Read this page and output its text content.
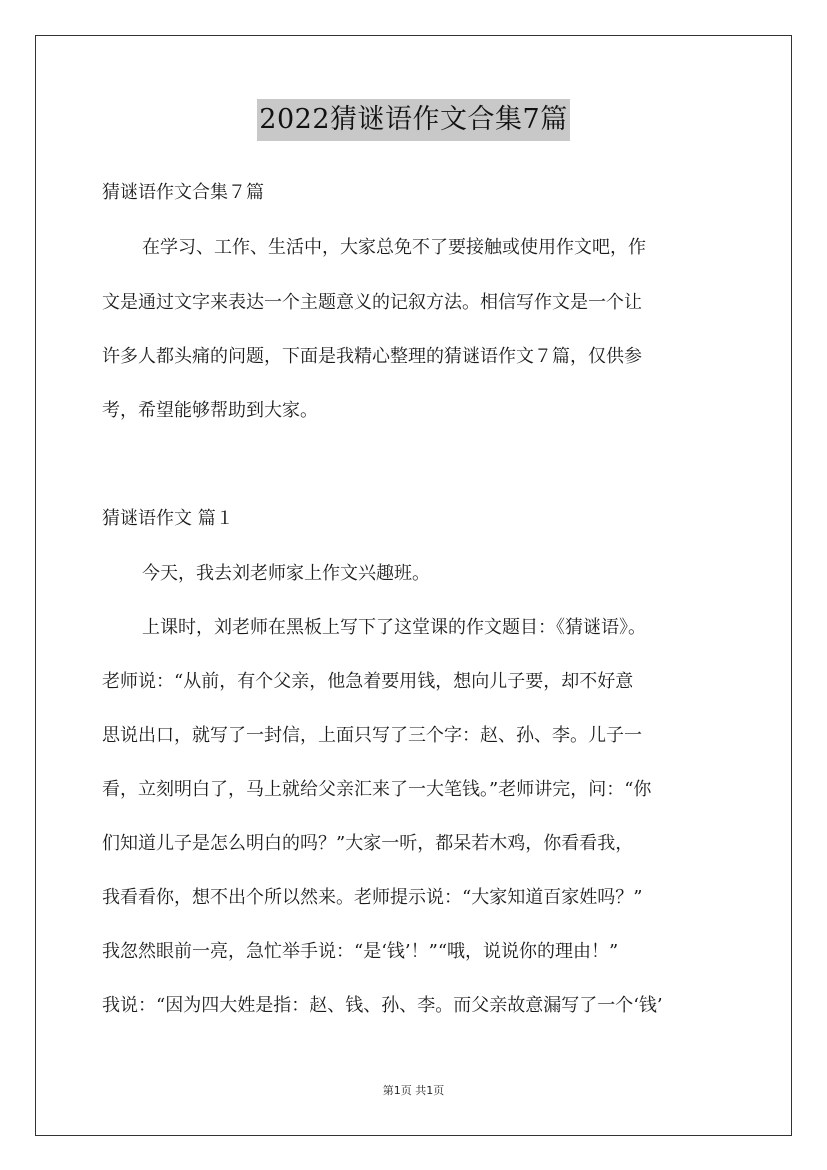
2022猜谜语作文合集7篇
猜谜语作文合集７篇
在学习、工作、生活中，大家总免不了要接触或使用作文吧，作
文是通过文字来表达一个主题意义的记叙方法。相信写作文是一个让
许多人都头痛的问题，下面是我精心整理的猜谜语作文７篇，仅供参
考，希望能够帮助到大家。
猜谜语作文 篇１
今天，我去刘老师家上作文兴趣班。
上课时，刘老师在黑板上写下了这堂课的作文题目：《猜谜语》。
老师说：“从前，有个父亲，他急着要用钱，想向儿子要，却不好意
思说出口，就写了一封信，上面只写了三个字：赵、孙、李。儿子一
看，立刻明白了，马上就给父亲汇来了一大笔钱。”老师讲完，问：“你
们知道儿子是怎么明白的吗？”大家一听，都呆若木鸡，你看看我，
我看看你，想不出个所以然来。老师提示说：“大家知道百家姓吗？”
我忽然眼前一亮，急忙举手说：“是‘钱’！”“哦，说说你的理由！”
我说：“因为四大姓是指：赵、钱、孙、李。而父亲故意漏写了一个‘钱’
第1页 共1页
